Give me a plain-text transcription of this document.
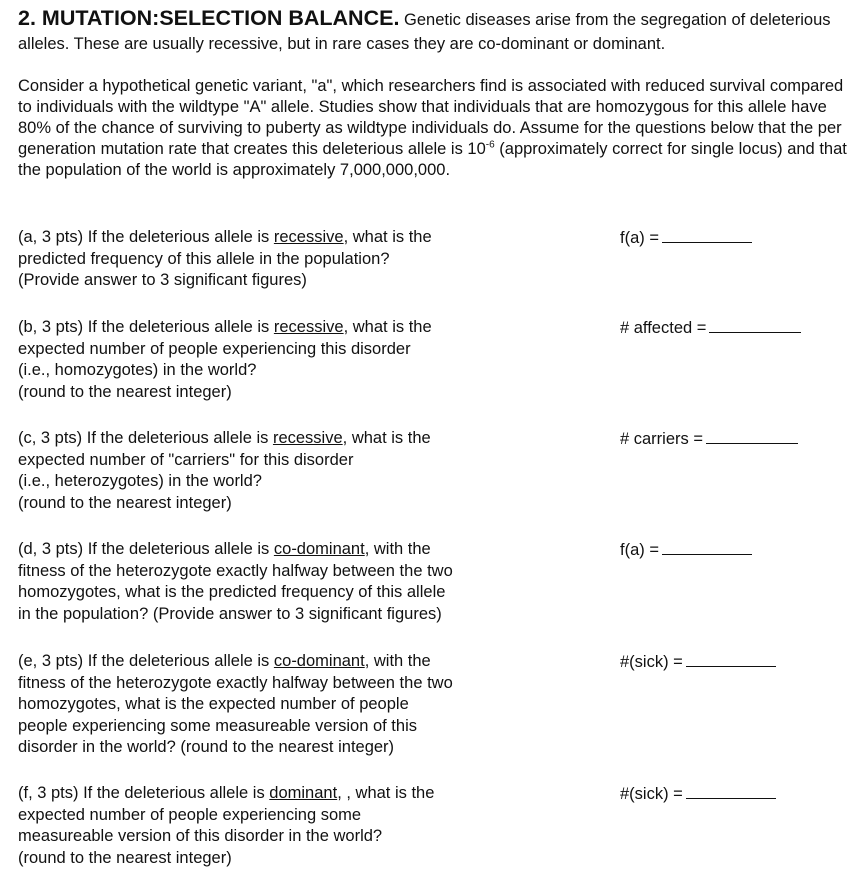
2. MUTATION:SELECTION BALANCE. Genetic diseases arise from the segregation of deleterious alleles. These are usually recessive, but in rare cases they are co-dominant or dominant.
Consider a hypothetical genetic variant, "a", which researchers find is associated with reduced survival compared to individuals with the wildtype "A" allele. Studies show that individuals that are homozygous for this allele have 80% of the chance of surviving to puberty as wildtype individuals do. Assume for the questions below that the per generation mutation rate that creates this deleterious allele is $10^{-6}$ (approximately correct for single locus) and that the population of the world is approximately 7,000,000,000.
(a, 3 pts) If the deleterious allele is recessive, what is the
predicted frequency of this allele in the population?
(Provide answer to 3 significant figures)
f(a) =
(b, 3 pts) If the deleterious allele is recessive, what is the
expected number of people experiencing this disorder
(i.e., homozygotes) in the world?
(round to the nearest integer)
# affected =
(c, 3 pts) If the deleterious allele is recessive, what is the
expected number of "carriers" for this disorder
(i.e., heterozygotes) in the world?
(round to the nearest integer)
# carriers =
(d, 3 pts) If the deleterious allele is co-dominant, with the
fitness of the heterozygote exactly halfway between the two
homozygotes, what is the predicted frequency of this allele
in the population? (Provide answer to 3 significant figures)
f(a) =
(e, 3 pts) If the deleterious allele is co-dominant, with the
fitness of the heterozygote exactly halfway between the two
homozygotes, what is the expected number of people
people experiencing some measureable version of this
disorder in the world? (round to the nearest integer)
#(sick) =
(f, 3 pts) If the deleterious allele is dominant, , what is the
expected number of people experiencing some
measureable version of this disorder in the world?
(round to the nearest integer)
#(sick) =
